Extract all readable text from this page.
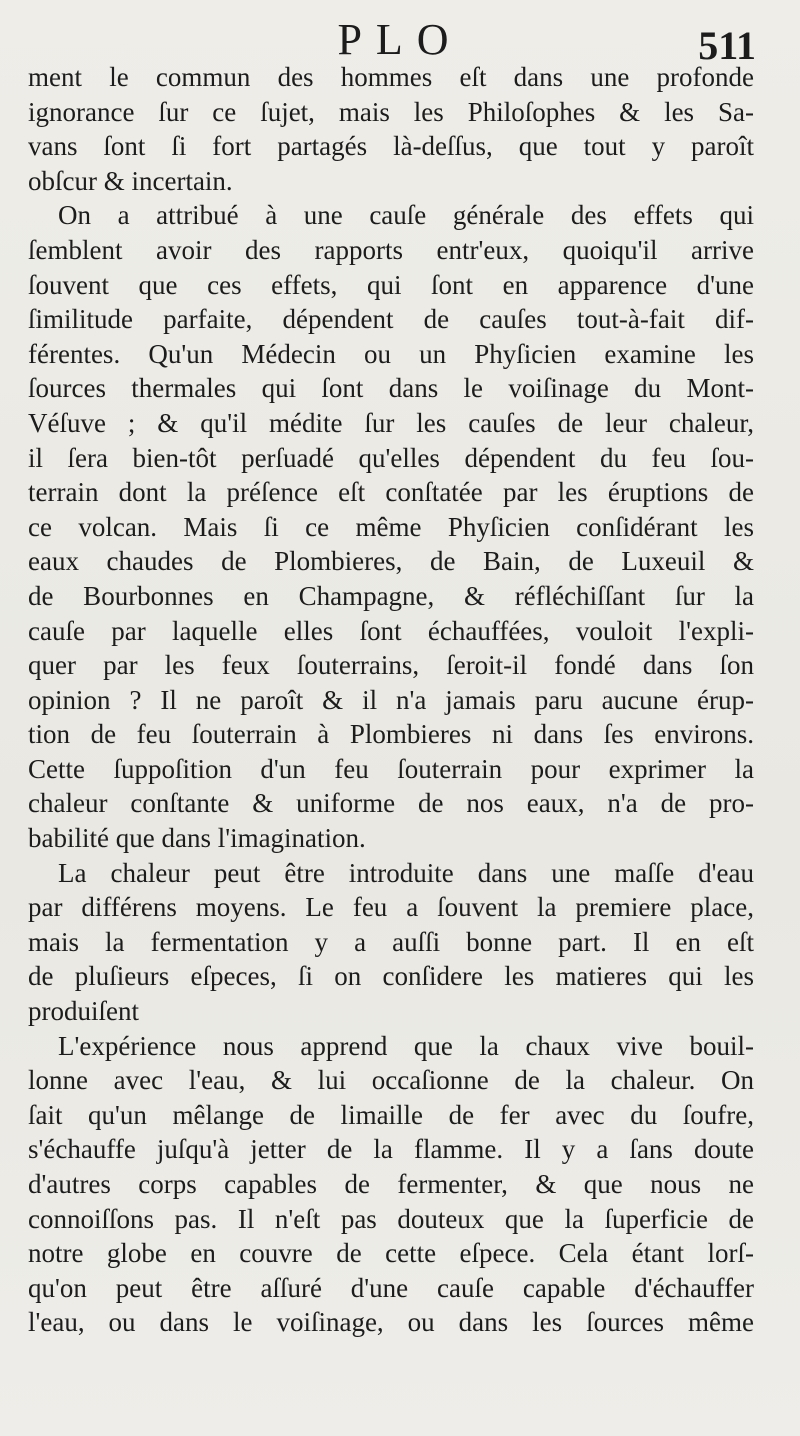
PLO	511
ment le commun des hommes eſt dans une profonde
ignorance ſur ce ſujet, mais les Philoſophes & les Sa-
vans ſont ſi fort partagés là-deſſus, que tout y paroît
obſcur & incertain.
On a attribué à une cauſe générale des effets qui
ſemblent avoir des rapports entr'eux, quoiqu'il arrive
ſouvent que ces effets, qui ſont en apparence d'une
ſimilitude parfaite, dépendent de cauſes tout-à-fait dif-
férentes. Qu'un Médecin ou un Phyſicien examine les
ſources thermales qui ſont dans le voiſinage du Mont-
Véſuve ; & qu'il médite ſur les cauſes de leur chaleur,
il ſera bien-tôt perſuadé qu'elles dépendent du feu ſou-
terrain dont la préſence eſt conſtatée par les éruptions de
ce volcan. Mais ſi ce même Phyſicien conſidérant les
eaux chaudes de Plombieres, de Bain, de Luxeuil &
de Bourbonnes en Champagne, & réfléchiſſant ſur la
cauſe par laquelle elles ſont échauffées, vouloit l'expli-
quer par les feux ſouterrains, ſeroit-il fondé dans ſon
opinion ? Il ne paroît & il n'a jamais paru aucune érup-
tion de feu ſouterrain à Plombieres ni dans ſes environs.
Cette ſuppoſition d'un feu ſouterrain pour exprimer la
chaleur conſtante & uniforme de nos eaux, n'a de pro-
babilité que dans l'imagination.
La chaleur peut être introduite dans une maſſe d'eau
par différens moyens. Le feu a ſouvent la premiere place,
mais la fermentation y a auſſi bonne part. Il en eſt
de pluſieurs eſpeces, ſi on conſidere les matieres qui les
produiſent
L'expérience nous apprend que la chaux vive bouil-
lonne avec l'eau, & lui occaſionne de la chaleur. On
ſait qu'un mêlange de limaille de fer avec du ſoufre,
s'échauffe juſqu'à jetter de la flamme. Il y a ſans doute
d'autres corps capables de fermenter, & que nous ne
connoiſſons pas. Il n'eſt pas douteux que la ſuperficie de
notre globe en couvre de cette eſpece. Cela étant lorſ-
qu'on peut être aſſuré d'une cauſe capable d'échauffer
l'eau, ou dans le voiſinage, ou dans les ſources même
